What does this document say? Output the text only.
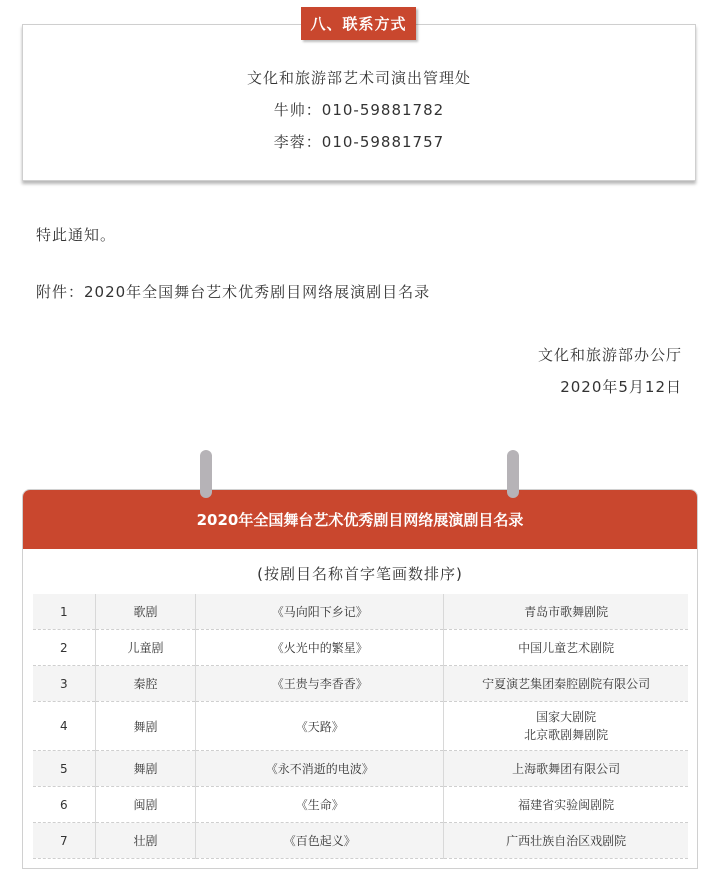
文化和旅游部艺术司演出管理处
牛帅：010-59881782
李蓉：010-59881757
八、联系方式
特此通知。
附件：2020年全国舞台艺术优秀剧目网络展演剧目名录
文化和旅游部办公厅
2020年5月12日
2020年全国舞台艺术优秀剧目网络展演剧目名录
(按剧目名称首字笔画数排序)
1	歌剧	《马向阳下乡记》	青岛市歌舞剧院

2	儿童剧	《火光中的繁星》	中国儿童艺术剧院

3	秦腔	《王贵与李香香》	宁夏演艺集团秦腔剧院有限公司

4	舞剧	《天路》	国家大剧院
北京歌剧舞剧院

5	舞剧	《永不消逝的电波》	上海歌舞团有限公司

6	闽剧	《生命》	福建省实验闽剧院

7	壮剧	《百色起义》	广西壮族自治区戏剧院
